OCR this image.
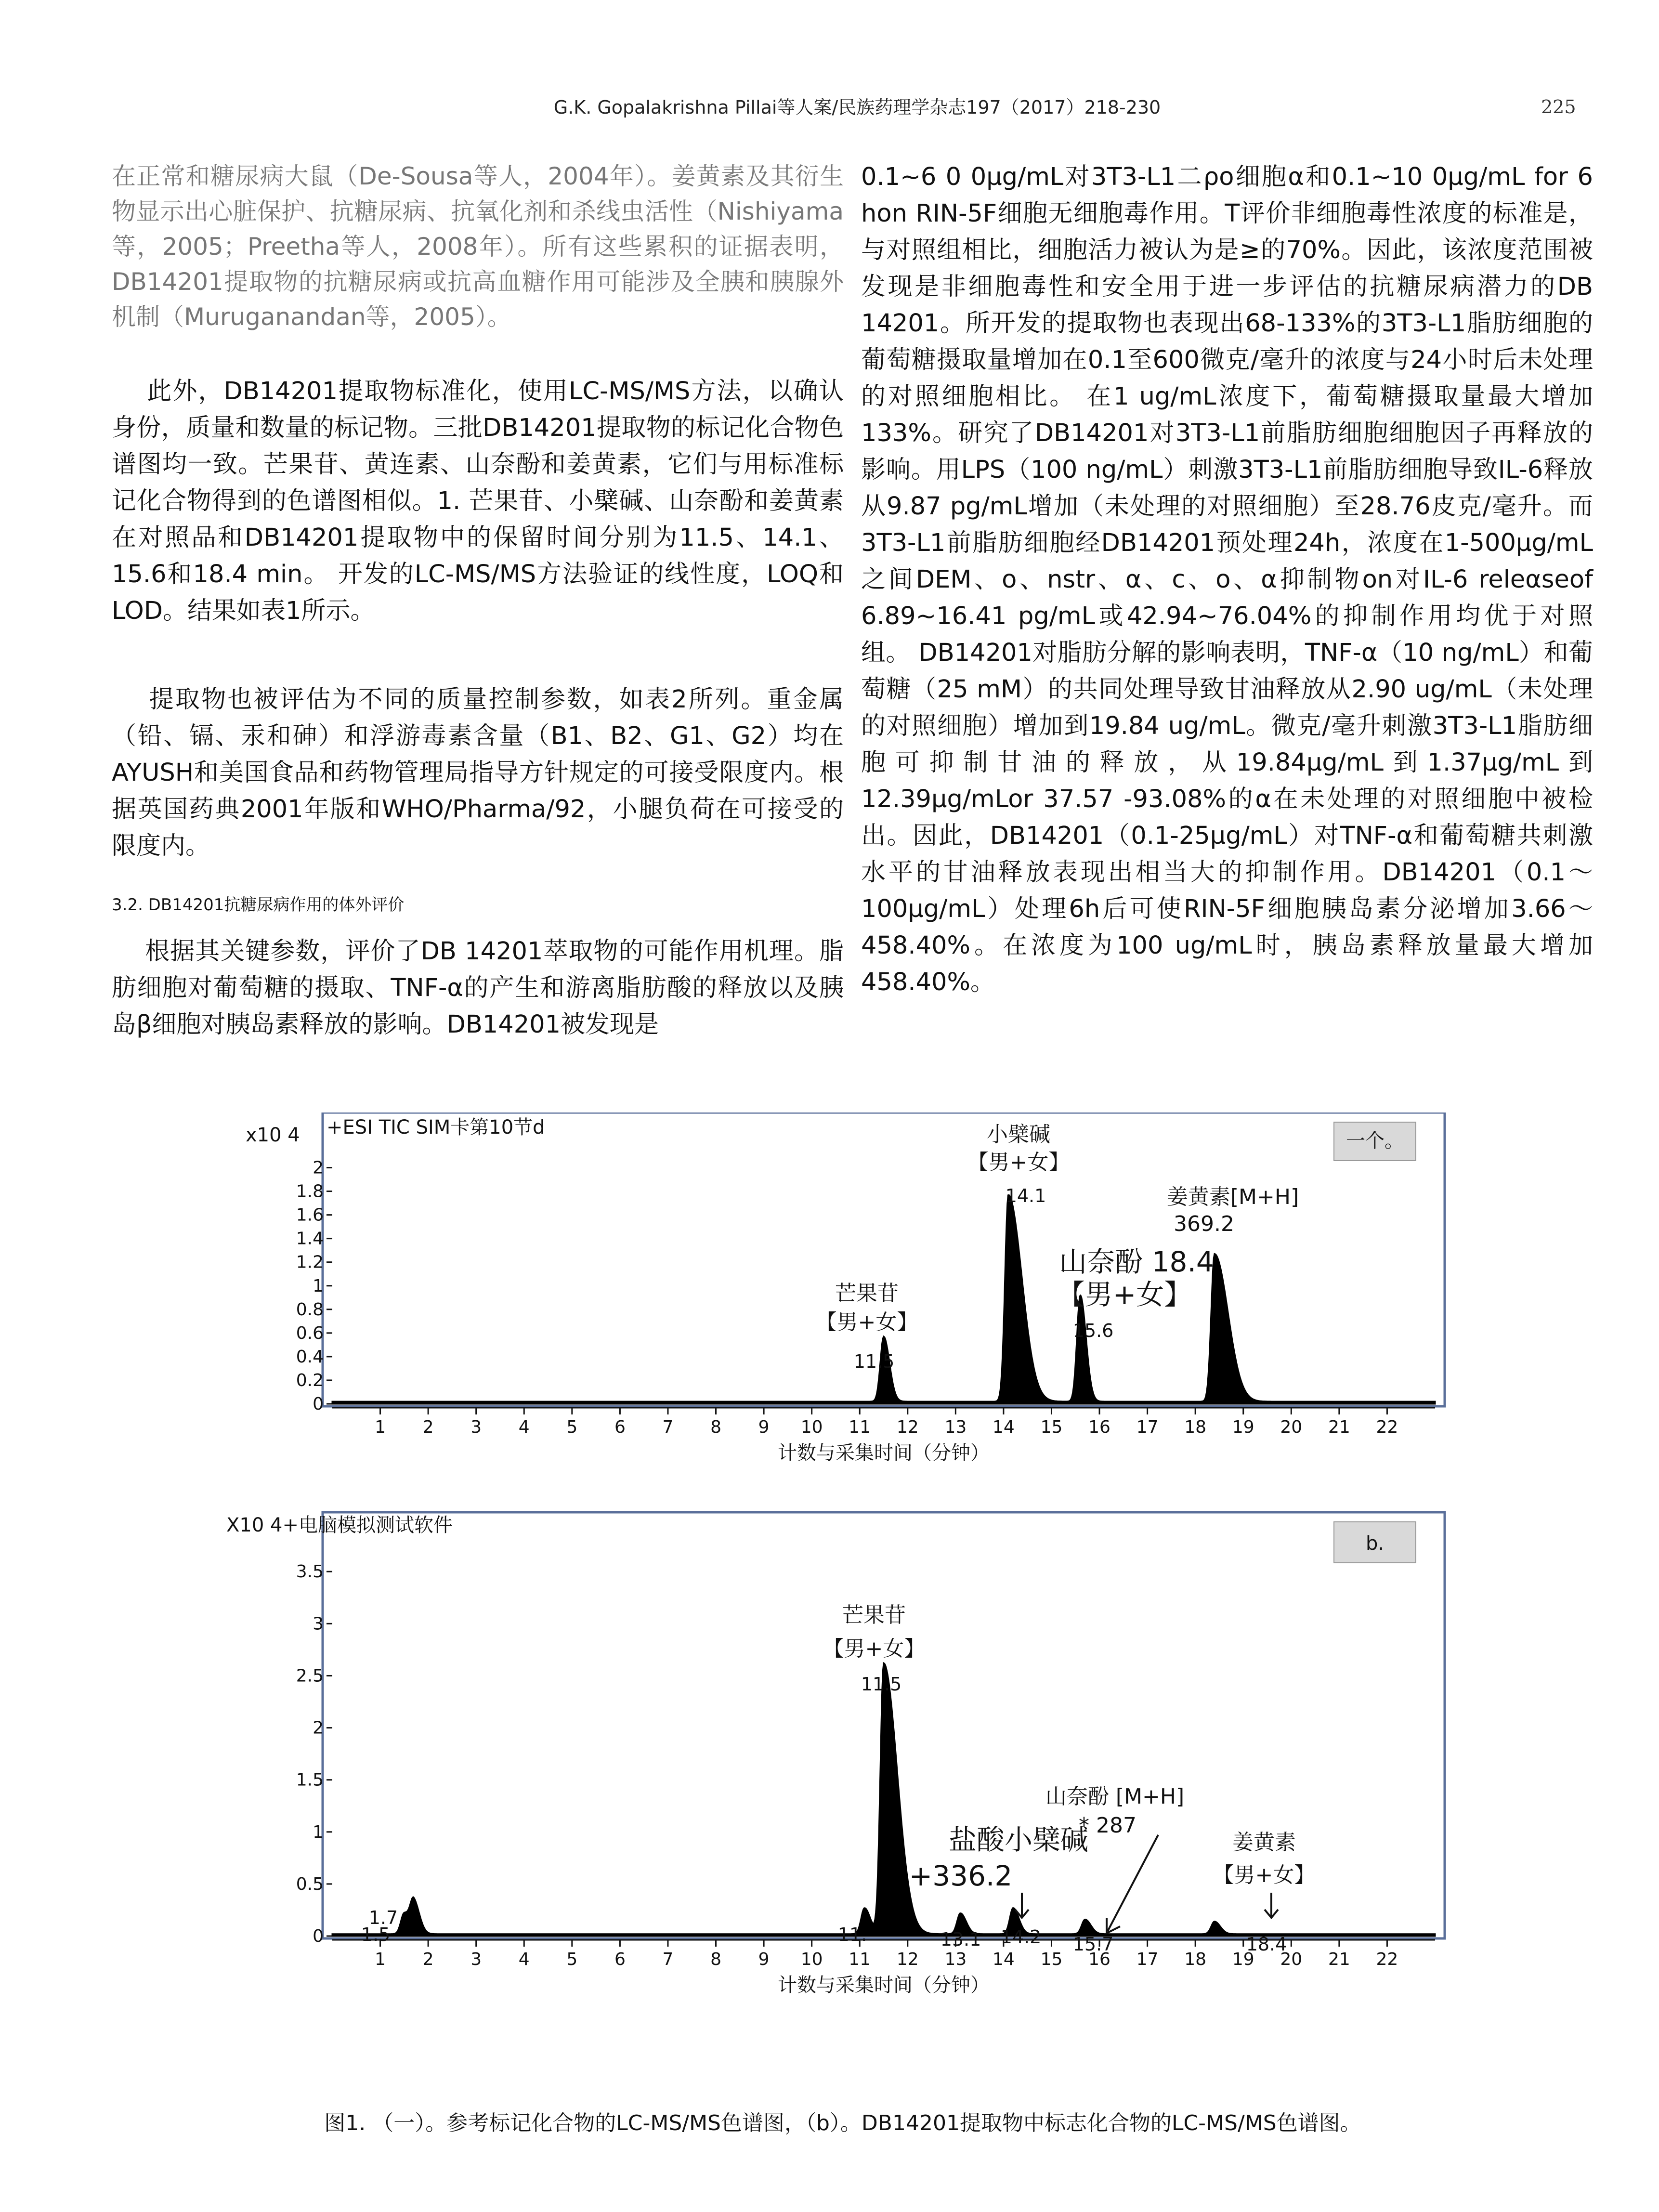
G.K. Gopalakrishna Pillai等人案/民族药理学杂志197（2017）218-230	225

在正常和糖尿病大鼠（De-Sousa等人，2004年）。姜黄素及其衍生物显示出心脏保护、抗糖尿病、抗氧化剂和杀线虫活性（Nishiyama等，2005；Preetha等人，2008年）。所有这些累积的证据表明，DB14201提取物的抗糖尿病或抗高血糖作用可能涉及全胰和胰腺外机制（Muruganandan等，2005）。

此外，DB14201提取物标准化，使用LC-MS/MS方法，以确认身份，质量和数量的标记物。三批DB14201提取物的标记化合物色谱图均一致。芒果苷、黄连素、山奈酚和姜黄素，它们与用标准标记化合物得到的色谱图相似。1. 芒果苷、小檗碱、山奈酚和姜黄素在对照品和DB14201提取物中的保留时间分别为11.5、14.1、15.6和18.4 min。 开发的LC-MS/MS方法验证的线性度，LOQ和LOD。结果如表1所示。

提取物也被评估为不同的质量控制参数，如表2所列。重金属（铅、镉、汞和砷）和浮游毒素含量（B1、B2、G1、G2）均在AYUSH和美国食品和药物管理局指导方针规定的可接受限度内。根据英国药典2001年版和WHO/Pharma/92，小腿负荷在可接受的限度内。

3.2. DB14201抗糖尿病作用的体外评价

根据其关键参数，评价了DB 14201萃取物的可能作用机理。脂肪细胞对葡萄糖的摄取、TNF-α的产生和游离脂肪酸的释放以及胰岛β细胞对胰岛素释放的影响。DB14201被发现是

0.1~6 0 0μg/mL对3T3-L1二ρo细胞α和0.1~10 0μg/mL for 6 hon RIN-5F细胞无细胞毒作用。T评价非细胞毒性浓度的标准是，与对照组相比，细胞活力被认为是≥的70%。因此，该浓度范围被发现是非细胞毒性和安全用于进一步评估的抗糖尿病潜力的DB 14201。所开发的提取物也表现出68-133%的3T3-L1脂肪细胞的葡萄糖摄取量增加在0.1至600微克/毫升的浓度与24小时后未处理的对照细胞相比。 在1 ug/mL浓度下，葡萄糖摄取量最大增加133%。研究了DB14201对3T3-L1前脂肪细胞细胞因子再释放的影响。用LPS（100 ng/mL）刺激3T3-L1前脂肪细胞导致IL-6释放从9.87 pg/mL增加（未处理的对照细胞）至28.76皮克/毫升。而3T3-L1前脂肪细胞经DB14201预处理24h，浓度在1-500μg/mL之间DEM、o、nstr、α、c、o、α抑制物on对IL-6 releαseof 6.89~16.41 pg/mL或42.94~76.04%的抑制作用均优于对照组。 DB14201对脂肪分解的影响表明，TNF-α（10 ng/mL）和葡萄糖（25 mM）的共同处理导致甘油释放从2.90 ug/mL（未处理的对照细胞）增加到19.84 ug/mL。微克/毫升刺激3T3-L1脂肪细胞可抑制甘油的释放，从19.84μg/mL到1.37μg/mL到12.39μg/mLor 37.57 -93.08%的α在未处理的对照细胞中被检出。因此，DB14201（0.1-25μg/mL）对TNF-α和葡萄糖共刺激水平的甘油释放表现出相当大的抑制作用。DB14201（0.1～100μg/mL）处理6h后可使RIN-5F细胞胰岛素分泌增加3.66～458.40%。在浓度为100 ug/mL时，胰岛素释放量最大增加458.40%。

x10 4 +ESI TIC SIM卡第10节d
一个。
0
0.2
0.4
0.6
0.8
1
1.2
1.4
1.6
1.8
2
1 2 3 4 5 6 7 8 9 10 11 12 13 14 15 16 17 18 19 20 21 22
计数与采集时间（分钟）
芒果苷
【男+女】
11.5
小檗碱
【男+女】
14.1
山奈酚 18.4
【男+女】
15.6
姜黄素[M+H]
369.2
X10 4+电脑模拟测试软件
b.
0
0.5
1
1.5
2
2.5
3
3.5
1 2 3 4 5 6 7 8 9 10 11 12 13 14 15 16 17 18 19 20 21 22
计数与采集时间（分钟）
1.7
1.5	11.
芒果苷
【男+女】
11.5
13.1
盐酸小檗碱
+336.2
14.2
山奈酚 [M+H]
* 287
15.7
姜黄素
【男+女】
18.4
图1. （一）。参考标记化合物的LC-MS/MS色谱图，（b）。DB14201提取物中标志化合物的LC-MS/MS色谱图。
